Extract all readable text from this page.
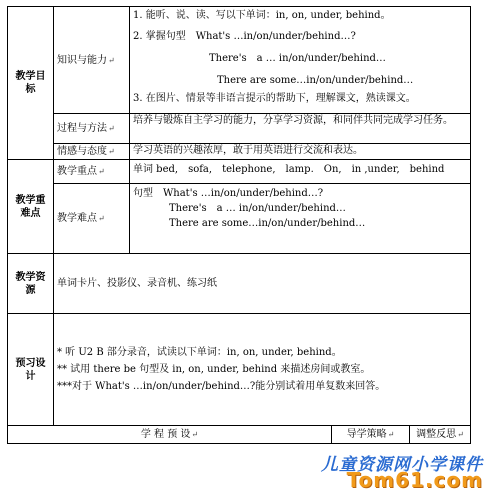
教学目标	知识与能力↵	1. 能听、说、读、写以下单词：in, on, under, behind。
2. 掌握句型　What's …in/on/under/behind…?
There's　a … in/on/under/behind…
There are some…in/on/under/behind…
3. 在图片、情景等非语言提示的帮助下，理解课文，熟读课文。		

	过程与方法↵	培养与锻炼自主学习的能力，分享学习资源，和同伴共同完成学习任务。		
	情感与态度↵	学习英语的兴趣浓厚，敢于用英语进行交流和表达。		
教学重难点	教学重点↵	单词 bed,　sofa,　telephone,　lamp.　On,　in ,under,　behind		
	教学难点↵	句型　What's …in/on/under/behind…?
There's　a … in/on/under/behind…
There are some…in/on/under/behind…		

教学资源	单词卡片、投影仪、录音机、练习纸			
预习设计	* 听 U2 B 部分录音，试读以下单词：in, on, under, behind。
** 试用 there be 句型及 in, on, under, behind 来描述房间或教室。
***对于 What's …in/on/under/behind…?能分别试着用单复数来回答。			

学 程 预 设↵			导学策略↵	调整反思↵
儿童资源网小学课件
Tom61.com
